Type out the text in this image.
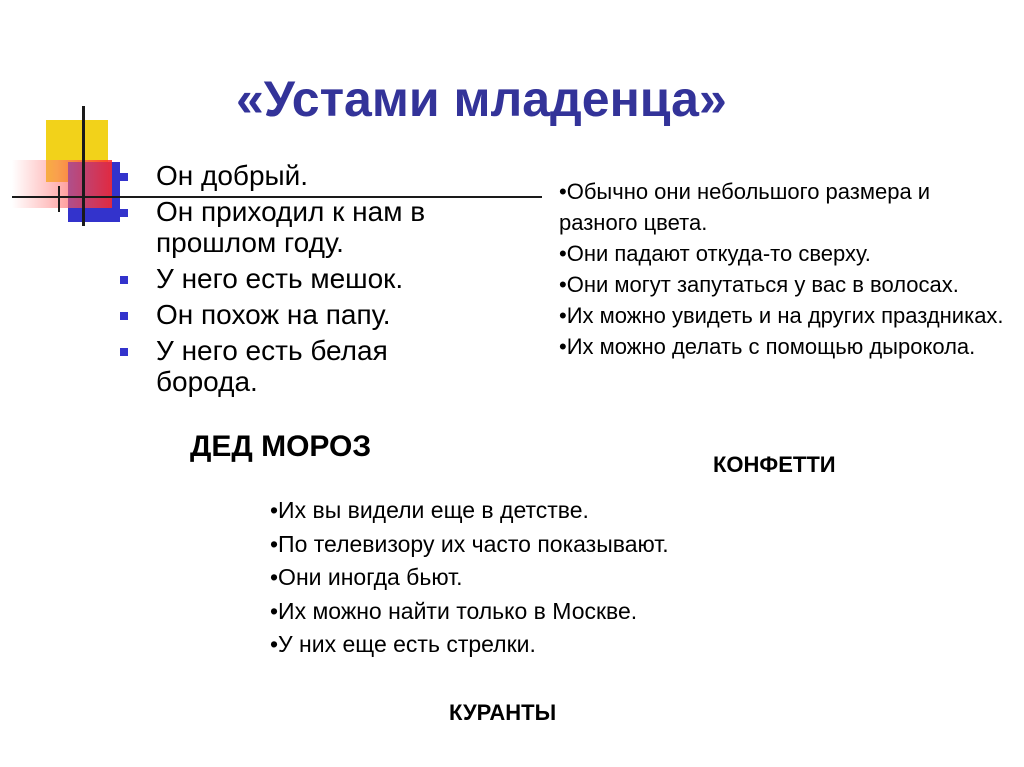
«Устами младенца»
Он добрый.
Он приходил к нам в прошлом году.
У него есть мешок.
Он похож на папу.
У него есть белая борода.
ДЕД МОРОЗ
•Обычно они небольшого размера и разного цвета.
•Они падают откуда-то сверху.
•Они могут запутаться у вас в волосах.
•Их можно увидеть и на других праздниках.
•Их можно делать с помощью дырокола.
КОНФЕТТИ
•Их вы видели еще в детстве.
•По телевизору их часто показывают.
•Они иногда бьют.
•Их можно найти только в Москве.
•У них еще есть стрелки.
КУРАНТЫ
